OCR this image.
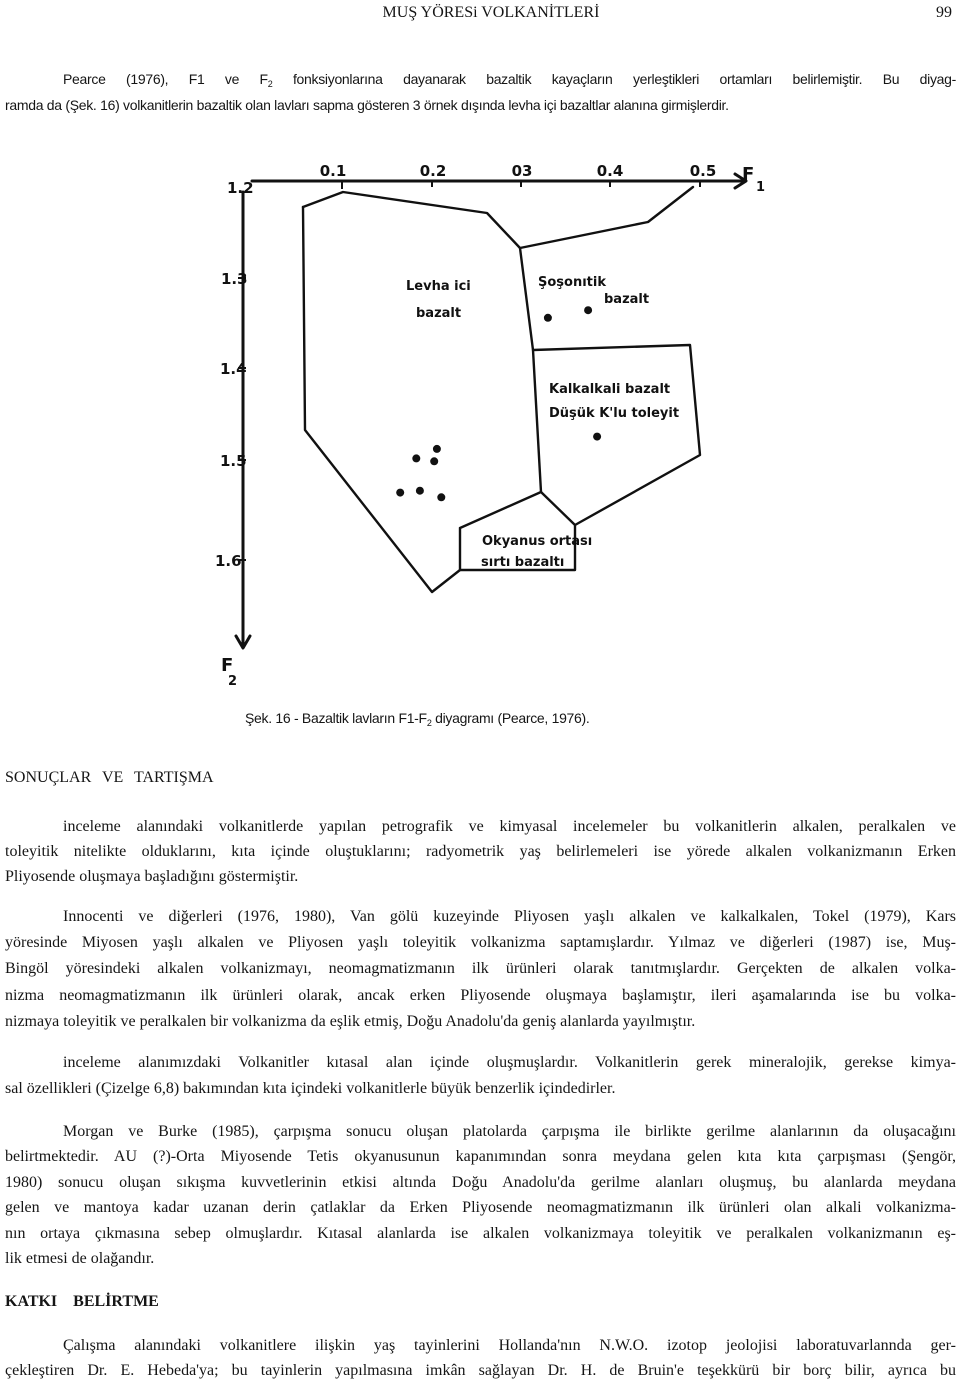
MUŞ YÖRESi VOLKANİTLERİ	99
Pearce (1976), F1 ve $F_2$ fonksiyonlarına dayanarak bazaltik kayaçların yerleştikleri ortamları belirlemiştir. Bu diyag-
ramda da (Şek. 16) volkanitlerin bazaltik olan lavları sapma gösteren 3 örnek dışında levha içi bazaltlar alanına girmişlerdir.
0.1	0.2	03	0.4	0.5 F
1
1.2
1.3
1.4
1.5
1.6
F
2
Levha ici
bazalt
Şoşonıtik
bazalt
Kalkalkali bazalt
Düşük K'lu toleyit
Okyanus ortası
sırtı bazaltı
Şek. 16 - Bazaltik lavların $F1-F_2$ diyagramı (Pearce, 1976).
SONUÇLAR VE TARTIŞMA
inceleme alanındaki volkanitlerde yapılan petrografik ve kimyasal incelemeler bu volkanitlerin alkalen, peralkalen ve
toleyitik nitelikte olduklarını, kıta içinde oluştuklarını; radyometrik yaş belirlemeleri ise yörede alkalen volkanizmanın Erken
Pliyosende oluşmaya başladığını göstermiştir.
Innocenti ve diğerleri (1976, 1980), Van gölü kuzeyinde Pliyosen yaşlı alkalen ve kalkalkalen, Tokel (1979), Kars
yöresinde Miyosen yaşlı alkalen ve Pliyosen yaşlı toleyitik volkanizma saptamışlardır. Yılmaz ve diğerleri (1987) ise, Muş-
Bingöl yöresindeki alkalen volkanizmayı, neomagmatizmanın ilk ürünleri olarak tanıtmışlardır. Gerçekten de alkalen volka-
nizma neomagmatizmanın ilk ürünleri olarak, ancak erken Pliyosende oluşmaya başlamıştır, ileri aşamalarında ise bu volka-
nizmaya toleyitik ve peralkalen bir volkanizma da eşlik etmiş, Doğu Anadolu'da geniş alanlarda yayılmıştır.
inceleme alanımızdaki Volkanitler kıtasal alan içinde oluşmuşlardır. Volkanitlerin gerek mineralojik, gerekse kimya-
sal özellikleri (Çizelge 6,8) bakımından kıta içindeki volkanitlerle büyük benzerlik içindedirler.
Morgan ve Burke (1985), çarpışma sonucu oluşan platolarda çarpışma ile birlikte gerilme alanlarının da oluşacağını
belirtmektedir. AU (?)-Orta Miyosende Tetis okyanusunun kapanımından sonra meydana gelen kıta kıta çarpışması (Şengör,
1980) sonucu oluşan sıkışma kuvvetlerinin etkisi altında Doğu Anadolu'da gerilme alanları oluşmuş, bu alanlarda meydana
gelen ve mantoya kadar uzanan derin çatlaklar da Erken Pliyosende neomagmatizmanın ilk ürünleri olan alkali volkanizma-
nın ortaya çıkmasına sebep olmuşlardır. Kıtasal alanlarda ise alkalen volkanizmaya toleyitik ve peralkalen volkanizmanın eş-
lik etmesi de olağandır.
KATKI BELİRTME
Çalışma alanındaki volkanitlere ilişkin yaş tayinlerini Hollanda'nın N.W.O. izotop jeolojisi laboratuvarlannda ger-
çekleştiren Dr. E. Hebeda'ya; bu tayinlerin yapılmasına imkân sağlayan Dr. H. de Bruin'e teşekkürü bir borç bilir, ayrıca bu
